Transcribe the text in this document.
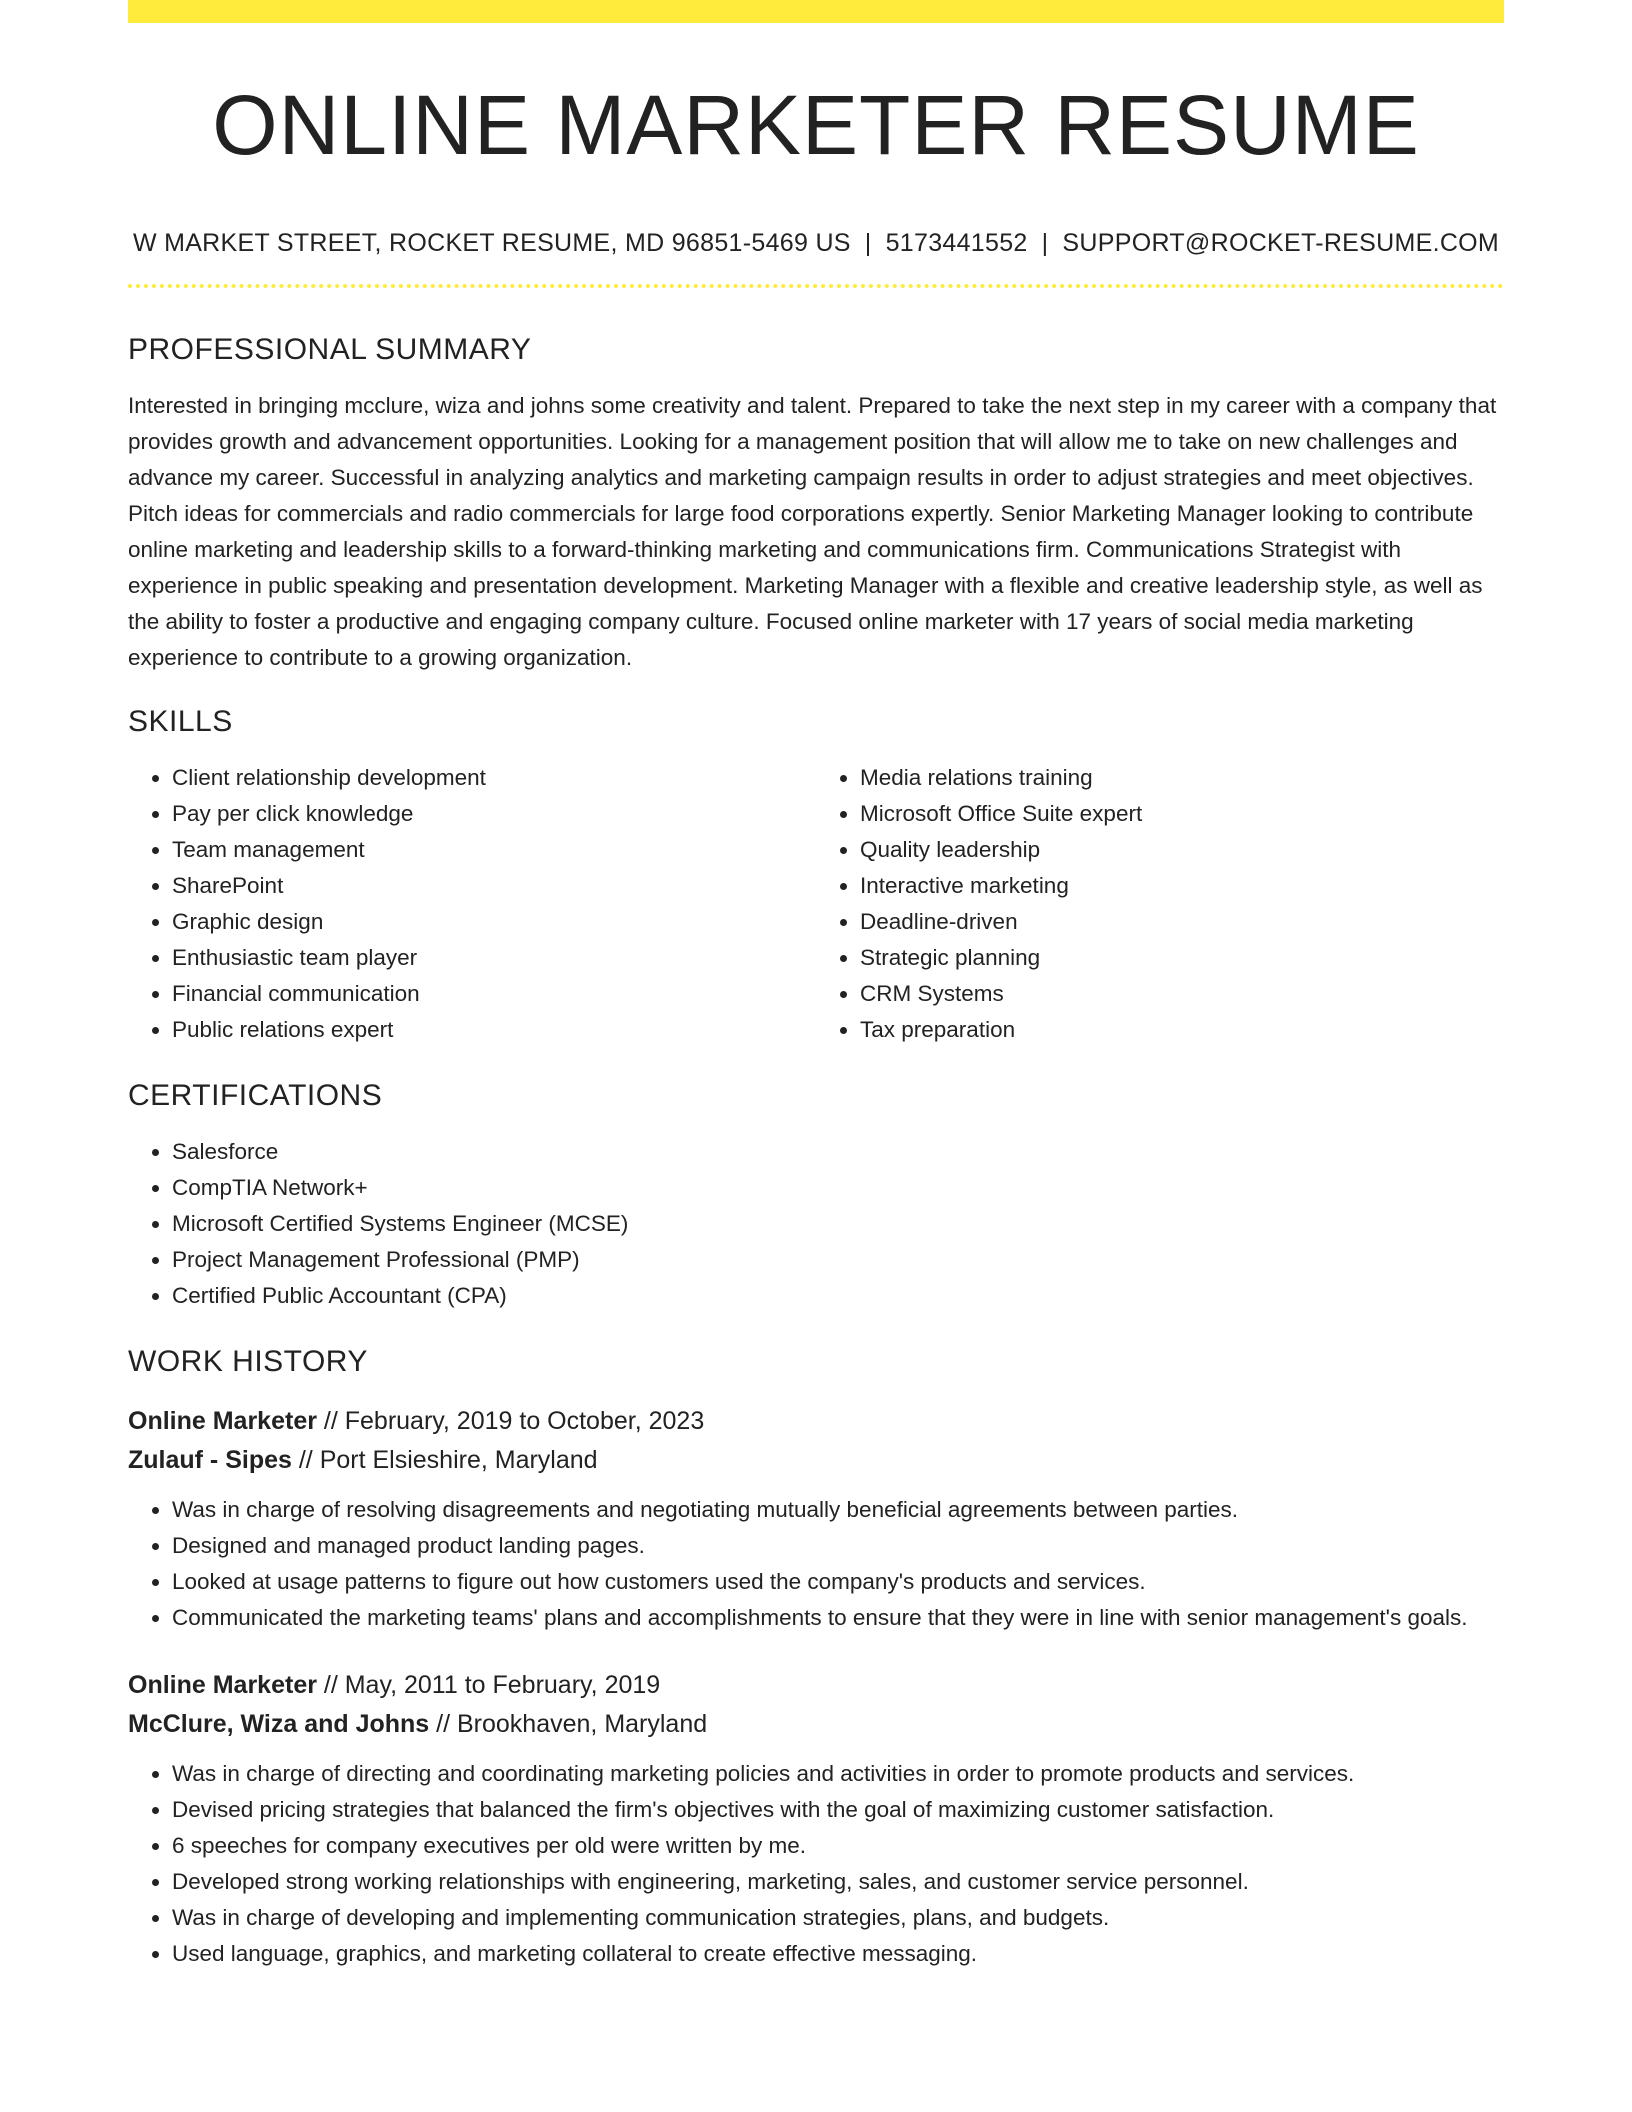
ONLINE MARKETER RESUME
W MARKET STREET, ROCKET RESUME, MD 96851-5469 US | 5173441552 | SUPPORT@ROCKET-RESUME.COM
PROFESSIONAL SUMMARY

Interested in bringing mcclure, wiza and johns some creativity and talent. Prepared to take the next step in my career with a company that provides growth and advancement opportunities. Looking for a management position that will allow me to take on new challenges and advance my career. Successful in analyzing analytics and marketing campaign results in order to adjust strategies and meet objectives. Pitch ideas for commercials and radio commercials for large food corporations expertly. Senior Marketing Manager looking to contribute online marketing and leadership skills to a forward-thinking marketing and communications firm. Communications Strategist with experience in public speaking and presentation development. Marketing Manager with a flexible and creative leadership style, as well as the ability to foster a productive and engaging company culture. Focused online marketer with 17 years of social media marketing experience to contribute to a growing organization.

SKILLS
• Client relationship development
• Pay per click knowledge
• Team management
• SharePoint
• Graphic design
• Enthusiastic team player
• Financial communication
• Public relations expert
• Media relations training
• Microsoft Office Suite expert
• Quality leadership
• Interactive marketing
• Deadline-driven
• Strategic planning
• CRM Systems
• Tax preparation
CERTIFICATIONS
• Salesforce
• CompTIA Network+
• Microsoft Certified Systems Engineer (MCSE)
• Project Management Professional (PMP)
• Certified Public Accountant (CPA)
WORK HISTORY
Online Marketer // February, 2019 to October, 2023
Zulauf - Sipes // Port Elsieshire, Maryland
• Was in charge of resolving disagreements and negotiating mutually beneficial agreements between parties.
• Designed and managed product landing pages.
• Looked at usage patterns to figure out how customers used the company's products and services.
• Communicated the marketing teams' plans and accomplishments to ensure that they were in line with senior management's goals.
Online Marketer // May, 2011 to February, 2019
McClure, Wiza and Johns // Brookhaven, Maryland
• Was in charge of directing and coordinating marketing policies and activities in order to promote products and services.
• Devised pricing strategies that balanced the firm's objectives with the goal of maximizing customer satisfaction.
• 6 speeches for company executives per old were written by me.
• Developed strong working relationships with engineering, marketing, sales, and customer service personnel.
• Was in charge of developing and implementing communication strategies, plans, and budgets.
• Used language, graphics, and marketing collateral to create effective messaging.
